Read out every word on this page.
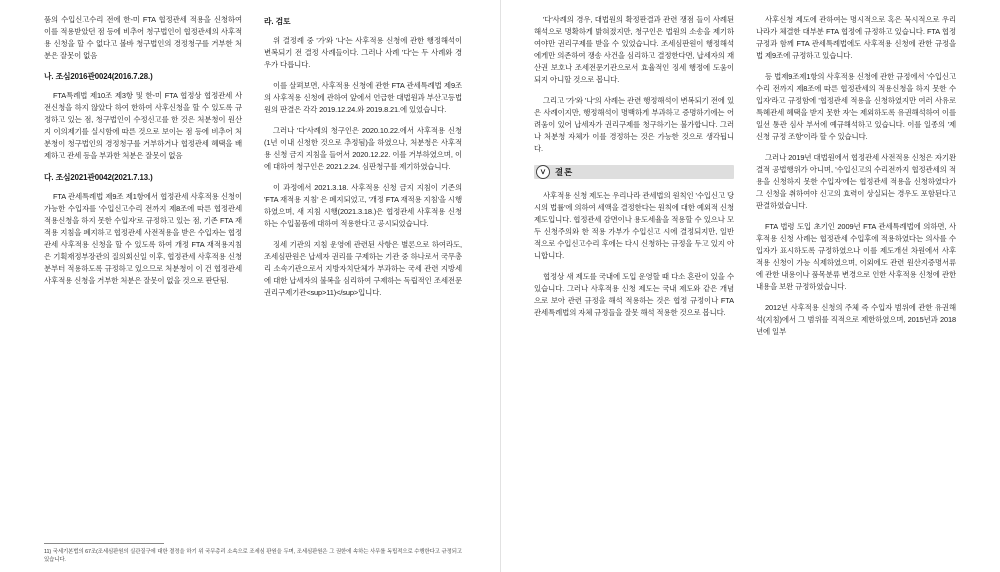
품의 수입신고수리 전에 한-미 FTA 협정관세 적용을 신청하여 이를 적용받았던 점 등에 비추어 청구법인이 협정관세의 사후적용 신청을 할 수 없다고 볼바 청구법인의 경정청구를 거부한 처분은 잘못이 없음

나. 조심2016관0024(2016.7.28.)

FTA특례법 제10조 제3항 및 한-미 FTA 협정상 협정관세 사전신청을 하지 않았다 하여 한하여 사후신청을 할 수 있도록 규정하고 있는 점, 청구법인이 수정신고를 한 것은 처분청이 원산지 이의제기를 실시함에 따른 것으로 보이는 점 등에 비추어 처분청이 청구법인의 경정청구를 거부하거나 협정관세 혜택을 배제하고 관세 등을 부과한 처분은 잘못이 없음

다. 조심2021관0042(2021.7.13.)

FTA 관세특례법 제9조 제1항에서 협정관세 사후적용 신청이 가능한 수입자를 '수입신고수리 전까지 제8조에 따른 협정관세 적용신청을 하지 못한 수입자'로 규정하고 있는 점, 기존 FTA 재적용 지침을 폐지하고 협정관세 사전적용을 받은 수입자는 협정관세 사후적용 신청을 할 수 있도록 하여 개정 FTA 재적용지침은 기획재정부장관의 질의회신일 이후, 협정관세 사후적용 신청분부터 적용하도록 규정하고 있으므로 처분청이 이 건 협정관세 사후적용 신청을 거부한 처분은 잘못이 없을 것으로 판단됨.

라. 검토

위 결정례 중 '가'와 '나'는 사후적용 신청에 관한 행정해석이 변복되기 전 결정 사례들이다. 그러나 사례 '다'는 두 사례와 경우가 다릅니다.

이를 살펴보면, 사후적용 신청에 관한 FTA 관세특례법 제9조의 사후적용 신청에 관하여 앞에서 언급한 대법원과 부산고등법원의 판결은 각각 2019.12.24.와 2019.8.21.에 있었습니다.

그러나 '다'사례의 청구인은 2020.10.22.에서 사후적용 신청(1년 이내 신청한 것으로 추정됨)을 하였으나, 처분청은 사후적용 신청 금지 지침을 들어서 2020.12.22. 이를 거부하였으며, 이에 대하여 청구인은 2021.2.24. 심판청구를 제기하였습니다.

이 과정에서 2021.3.18. 사후적용 신청 금지 지침이 기존의 'FTA 재적용 지침' 은 폐지되었고, '개정 FTA 재적용 지침'을 시행하였으며, 새 지침 시행(2021.3.18.)은 협정관세 사후적용 신청하는 수입물품에 대하여 적용한다고 공시되었습니다.

징세 기관의 지침 운영에 관련된 사항은 별론으로 하여라도, 조세심판원은 납세자 권리를 구제하는 기관 중 하나로서 국무총리 소속기관으로서 지방자치단체가 부과하는 국세 관련 지방세에 대한 납세자의 불복을 심리하여 구제하는 독립적인 조세전문 권리구제기관<sup>11)</sup>입니다.

11) 국세기본법의 67조(조세심판원의 실관질구에 대한 결정을 하기 위 국무총리 소속으로 조세심 판원을 두며, 조세심판원은 그 권한에 속하는 사무를 독립적으로 수행한다고 규정되고 있습니다.

'다'사례의 경우, 대법원의 확정판결과 관련 쟁점 들이 사례된 해석으로 명확하게 밝혀졌지만, 청구인은 법원의 소송을 제기하여야만 권리구제를 받을 수 있었습니다. 조세심판원이 행정해석에게만 의존하여 쟁송 사건을 심리하고 결정한다면, 납세자의 재산권 보호나 조세전문기관으로서 효율적인 징세 행정에 도움이 되지 아니할 것으로 봅니다.

그리고 '가'와 '나'의 사례는 관련 행정해석이 변복되기 전에 있은 사례이지만, 행정해석이 명백하게 부과하고 증명하기에는 어려움이 있어 납세자가 권리구제를 청구하기는 불가합니다. 그러나 처분청 자체가 이를 경정하는 것은 가능한 것으로 생각됩니다.

Ⅴ	결론

사후적용 신청 제도는 우리나라 관세법의 원칙인 '수입신고 당시의 법률'에 의하여 세액을 결정한다는 원칙에 대한 예외적 신청제도입니다. 협정관세 감면이나 용도세율을 적용할 수 있으나 모두 신청주의와 한 적용 가부가 수입신고 시에 결정되지만, 일반적으로 수입신고수리 후에는 다시 신청하는 규정을 두고 있지 아니합니다.

협정상 새 제도를 국내에 도입 운영할 때 다소 혼란이 있을 수 있습니다. 그러나 사후적용 신청 제도는 국내 제도와 같은 개념으로 보아 관련 규정을 해석 적용하는 것은 협정 규정이나 FTA 관세특례법의 자체 규정들을 잘못 해석 적용한 것으로 봅니다.

사후신청 제도에 관하여는 명시적으로 혹은 묵시적으로 우리나라가 체결한 대부분 FTA 협정에 규정하고 있습니다. FTA 협정 규정과 함께 FTA 관세특례법에도 사후적용 신청에 관한 규정을 법 제9조에 규정하고 있습니다.

등 법제9조제1항의 사후적용 신청에 관한 규정에서 '수입신고수리 전까지 제8조에 따른 협정관세의 적용신청을 하지 못한 수입자'라고 규정함에 '협정관세 적용을 신청하였지만 여러 사유로 특혜관세 혜택을 받지 못한 자'는 제외하도록 유권해석하여 이를 일선 통관 심사 부서에 예규해석하고 있습니다. 이를 일종의 '제신청 규정 조항'이라 할 수 있습니다.

그러나 2019년 대법원에서 협정관세 사전적용 신청은 자기완결적 공법행위가 아니며, '수입신고의 수리전까지 협정관세의 적용을 신청하지 못한 수입자'에는 협정관세 적용을 신청하였다가 그 신청을 취하여야 신고의 효력이 상실되는 경우도 포함된다고 판결하였습니다.

FTA 법령 도입 초기인 2009년 FTA 관세특례법에 의하면, 사후적용 신청 사례는 협정관세 수입후에 적용하였다는 의사를 수입자가 표시하도록 규정하였으나 이를 제도개선 차원에서 사후적용 신청이 가능 식제하였으며, 이외에도 관련 원산지증명서류에 관한 내용이나 품목분류 변경으로 인한 사후적용 신청에 관한 내용을 보완 규정하였습니다.

2012년 사후적용 신청의 주체 즉 수입자 범위에 관한 유권해석(지침)에서 그 범위를 직적으로 제한하였으며, 2015년과 2018년에 일부
